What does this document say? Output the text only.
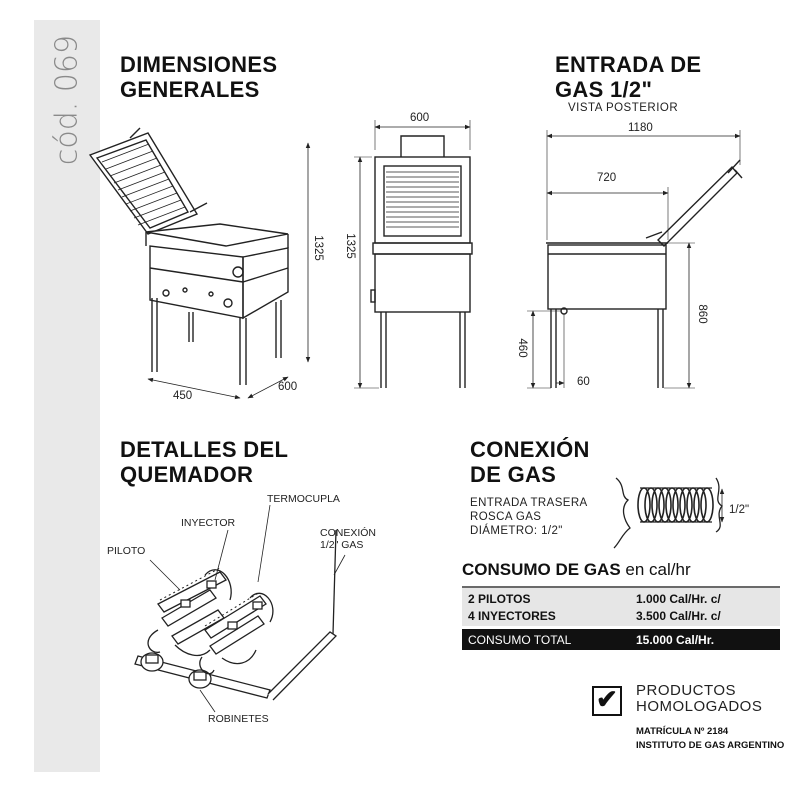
cód. 069 DIMENSIONES
GENERALES
ENTRADA DE
GAS 1/2"
VISTA POSTERIOR
DETALLES DEL
QUEMADOR
CONEXIÓN
DE GAS
1325
450
600
600
1325
1180
720
860
460
60
PILOTO
INYECTOR
TERMOCUPLA
CONEXIÓN
1/2" GAS
ROBINETES
ENTRADA TRASERA
ROSCA GAS
DIÁMETRO: 1/2"
1/2"
CONSUMO DE GAS en cal/hr
2 PILOTOS	1.000 Cal/Hr. c/
4 INYECTORES	3.500 Cal/Hr. c/
CONSUMO TOTAL	15.000 Cal/Hr.
✔ PRODUCTOS
HOMOLOGADOS
MATRÍCULA Nº 2184
INSTITUTO DE GAS ARGENTINO
